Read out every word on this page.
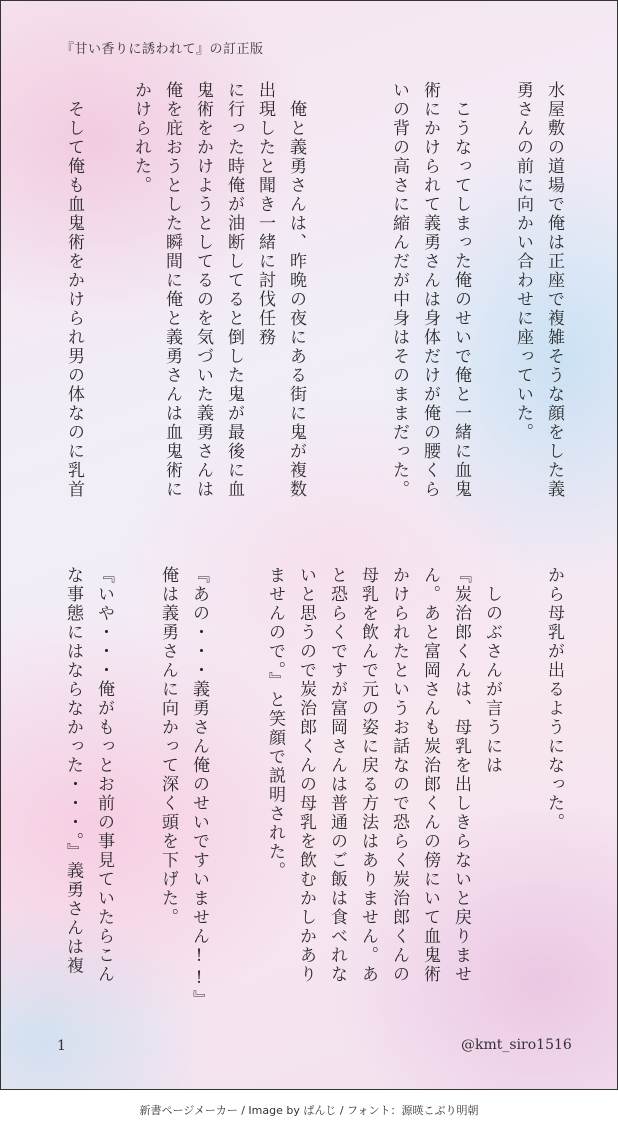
『甘い香りに誘われて』の訂正版
水屋敷の道場で俺は正座で複雑そうな顔をした義
勇さんの前に向かい合わせに座っていた。
　こうなってしまった俺のせいで俺と一緒に血鬼
術にかけられて義勇さんは身体だけが俺の腰くら
いの背の高さに縮んだが中身はそのままだった。
　俺と義勇さんは、昨晩の夜にある街に鬼が複数
出現したと聞き一緒に討伐任務
に行った時俺が油断してると倒した鬼が最後に血
鬼術をかけようとしてるのを気づいた義勇さんは
俺を庇おうとした瞬間に俺と義勇さんは血鬼術に
かけられた。
　そして俺も血鬼術をかけられ男の体なのに乳首
から母乳が出るようになった。
　しのぶさんが言うには
『炭治郎くんは、母乳を出しきらないと戻りませ
ん。あと富岡さんも炭治郎くんの傍にいて血鬼術
かけられたというお話なので恐らく炭治郎くんの
母乳を飲んで元の姿に戻る方法はありません。あ
と恐らくですが富岡さんは普通のご飯は食べれな
いと思うので炭治郎くんの母乳を飲むかしかあり
ませんので。』と笑顔で説明された。
『あの・・・義勇さん俺のせいですいません!!』
俺は義勇さんに向かって深く頭を下げた。
『いや・・・俺がもっとお前の事見ていたらこん
な事態にはならなかった・・・。』義勇さんは複
1	@kmt_siro1516
新書ページメーカー / Image by ぱんじ / フォント：源暎こぶり明朝
